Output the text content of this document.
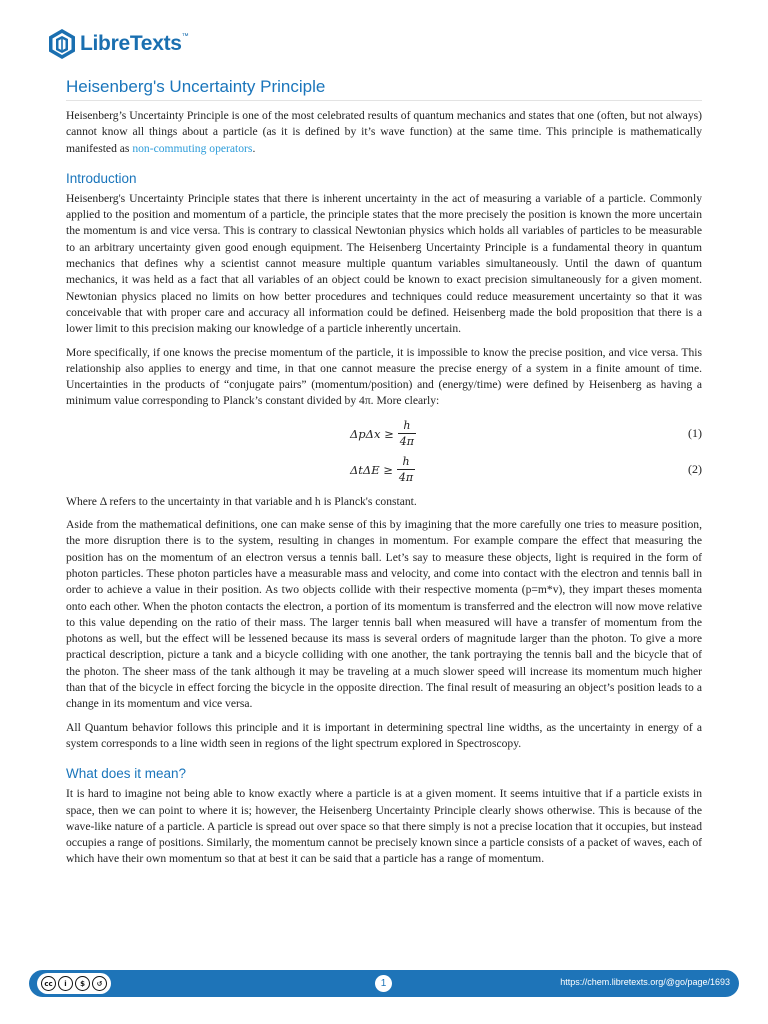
LibreTexts ™
Heisenberg's Uncertainty Principle

Heisenberg’s Uncertainty Principle is one of the most celebrated results of quantum mechanics and states that one (often, but not always) cannot know all things about a particle (as it is defined by it’s wave function) at the same time. This principle is mathematically manifested as non-commuting operators.

Introduction

Heisenberg's Uncertainty Principle states that there is inherent uncertainty in the act of measuring a variable of a particle. Commonly applied to the position and momentum of a particle, the principle states that the more precisely the position is known the more uncertain the momentum is and vice versa. This is contrary to classical Newtonian physics which holds all variables of particles to be measurable to an arbitrary uncertainty given good enough equipment. The Heisenberg Uncertainty Principle is a fundamental theory in quantum mechanics that defines why a scientist cannot measure multiple quantum variables simultaneously. Until the dawn of quantum mechanics, it was held as a fact that all variables of an object could be known to exact precision simultaneously for a given moment. Newtonian physics placed no limits on how better procedures and techniques could reduce measurement uncertainty so that it was conceivable that with proper care and accuracy all information could be defined. Heisenberg made the bold proposition that there is a lower limit to this precision making our knowledge of a particle inherently uncertain.

More specifically, if one knows the precise momentum of the particle, it is impossible to know the precise position, and vice versa. This relationship also applies to energy and time, in that one cannot measure the precise energy of a system in a finite amount of time. Uncertainties in the products of “conjugate pairs” (momentum/position) and (energy/time) were defined by Heisenberg as having a minimum value corresponding to Planck’s constant divided by 4π. More clearly:

$\Delta p\Delta x \ge \frac{h}{4\pi}$	(1)
$\Delta t\Delta E \ge \frac{h}{4\pi}$	(2)

Where Δ refers to the uncertainty in that variable and h is Planck's constant.

Aside from the mathematical definitions, one can make sense of this by imagining that the more carefully one tries to measure position, the more disruption there is to the system, resulting in changes in momentum. For example compare the effect that measuring the position has on the momentum of an electron versus a tennis ball. Let’s say to measure these objects, light is required in the form of photon particles. These photon particles have a measurable mass and velocity, and come into contact with the electron and tennis ball in order to achieve a value in their position. As two objects collide with their respective momenta (p=m*v), they impart theses momenta onto each other. When the photon contacts the electron, a portion of its momentum is transferred and the electron will now move relative to this value depending on the ratio of their mass. The larger tennis ball when measured will have a transfer of momentum from the photons as well, but the effect will be lessened because its mass is several orders of magnitude larger than the photon. To give a more practical description, picture a tank and a bicycle colliding with one another, the tank portraying the tennis ball and the bicycle that of the photon. The sheer mass of the tank although it may be traveling at a much slower speed will increase its momentum much higher than that of the bicycle in effect forcing the bicycle in the opposite direction. The final result of measuring an object’s position leads to a change in its momentum and vice versa.

All Quantum behavior follows this principle and it is important in determining spectral line widths, as the uncertainty in energy of a system corresponds to a line width seen in regions of the light spectrum explored in Spectroscopy.

What does it mean?

It is hard to imagine not being able to know exactly where a particle is at a given moment. It seems intuitive that if a particle exists in space, then we can point to where it is; however, the Heisenberg Uncertainty Principle clearly shows otherwise. This is because of the wave-like nature of a particle. A particle is spread out over space so that there simply is not a precise location that it occupies, but instead occupies a range of positions. Similarly, the momentum cannot be precisely known since a particle consists of a packet of waves, each of which have their own momentum so that at best it can be said that a particle has a range of momentum.

cc	i	$	↺	1	https://chem.libretexts.org/@go/page/1693
